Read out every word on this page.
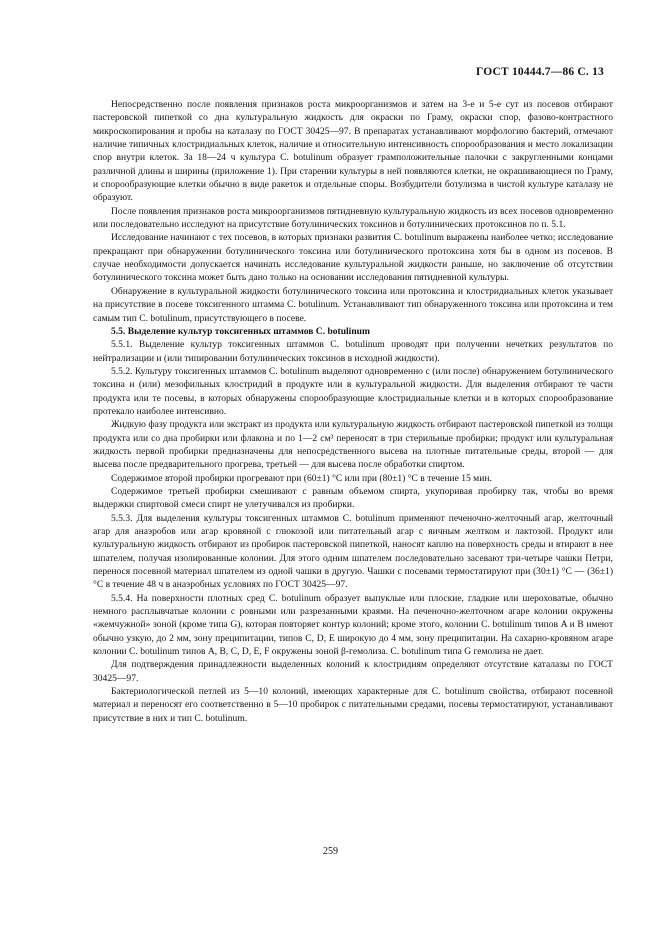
ГОСТ 10444.7—86 С. 13

Непосредственно после появления признаков роста микроорганизмов и затем на 3-е и 5-е сут из посевов отбирают пастеровской пипеткой со дна культуральную жидкость для окраски по Граму, окраски спор, фазово-контрастного микроскопирования и пробы на каталазу по ГОСТ 30425—97. В препаратах устанавливают морфологию бактерий, отмечают наличие типичных клостридиальных клеток, наличие и относительную интенсивность спорообразования и место локализации спор внутри клеток. За 18—24 ч культура C. botulinum образует грамположительные палочки с закругленными концами различной длины и ширины (приложение 1). При старении культуры в ней появляются клетки, не окрашивающиеся по Граму, и спорообразующие клетки обычно в виде ракеток и отдельные споры. Возбудители ботулизма в чистой культуре каталазу не образуют.

После появления признаков роста микроорганизмов пятидневную культуральную жидкость из всех посевов одновременно или последовательно исследуют на присутствие ботулинических токсинов и ботулинических протоксинов по п. 5.1.

Исследование начинают с тех посевов, в которых признаки развития C. botulinum выражены наиболее четко; исследование прекращают при обнаружении ботулинического токсина или ботулинического протоксина хотя бы в одном из посевов. В случае необходимости допускается начинать исследование культуральной жидкости раньше, но заключение об отсутствии ботулинического токсина может быть дано только на основании исследования пятидневной культуры.

Обнаружение в культуральной жидкости ботулинического токсина или протоксина и клостридиальных клеток указывает на присутствие в посеве токсигенного штамма C. botulinum. Устанавливают тип обнаруженного токсина или протоксина и тем самым тип C. botulinum, присутствующего в посеве.

5.5. Выделение культур токсигенных штаммов C. botulinum

5.5.1. Выделение культур токсигенных штаммов C. botulinum проводят при получении нечетких результатов по нейтрализации и (или типировании ботулинических токсинов в исходной жидкости).

5.5.2. Культуру токсигенных штаммов C. botulinum выделяют одновременно с (или после) обнаружением ботулинического токсина и (или) мезофильных клостридий в продукте или в культуральной жидкости. Для выделения отбирают те части продукта или те посевы, в которых обнаружены спорообразующие клостридиальные клетки и в которых спорообразование протекало наиболее интенсивно.

Жидкую фазу продукта или экстракт из продукта или культуральную жидкость отбирают пастеровской пипеткой из толщи продукта или со дна пробирки или флакона и по 1—2 см³ переносят в три стерильные пробирки; продукт или культуральная жидкость первой пробирки предназначены для непосредственного высева на плотные питательные среды, второй — для высева после предварительного прогрева, третьей — для высева после обработки спиртом.

Содержимое второй пробирки прогревают при (60±1) °C или при (80±1) °C в течение 15 мин.

Содержимое третьей пробирки смешивают с равным объемом спирта, укупоривая пробирку так, чтобы во время выдержки спиртовой смеси спирт не улетучивался из пробирки.

5.5.3. Для выделения культуры токсигенных штаммов C. botulinum применяют печеночно-желточный агар, желточный агар для анаэробов или агар кровяной с глюкозой или питательный агар с яичным желтком и лактозой. Продукт или культуральную жидкость отбирают из пробирок пастеровской пипеткой, наносят каплю на поверхность среды и втирают в нее шпателем, получая изолированные колонии. Для этого одним шпателем последовательно засевают три-четыре чашки Петри, перенося посевной материал шпателем из одной чашки в другую. Чашки с посевами термостатируют при (30±1) °C — (36±1) °C в течение 48 ч в анаэробных условиях по ГОСТ 30425—97.

5.5.4. На поверхности плотных сред C. botulinum образует выпуклые или плоские, гладкие или шероховатые, обычно немного расплывчатые колонии с ровными или разрезанными краями. На печеночно-желточном агаре колонии окружены «жемчужной» зоной (кроме типа G), которая повторяет контур колоний; кроме этого, колонии C. botulinum типов A и B имеют обычно узкую, до 2 мм, зону преципитации, типов C, D, E широкую до 4 мм, зону преципитации. На сахарно-кровяном агаре колонии C. botulinum типов A, B, C, D, E, F окружены зоной β-гемолиза. C. botulinum типа G гемолиза не дает.

Для подтверждения принадлежности выделенных колоний к клостридиям определяют отсутствие каталазы по ГОСТ 30425—97.

Бактериологической петлей из 5—10 колоний, имеющих характерные для C. botulinum свойства, отбирают посевной материал и переносят его соответственно в 5—10 пробирок с питательными средами, посевы термостатируют, устанавливают присутствие в них и тип C. botulinum.

259
